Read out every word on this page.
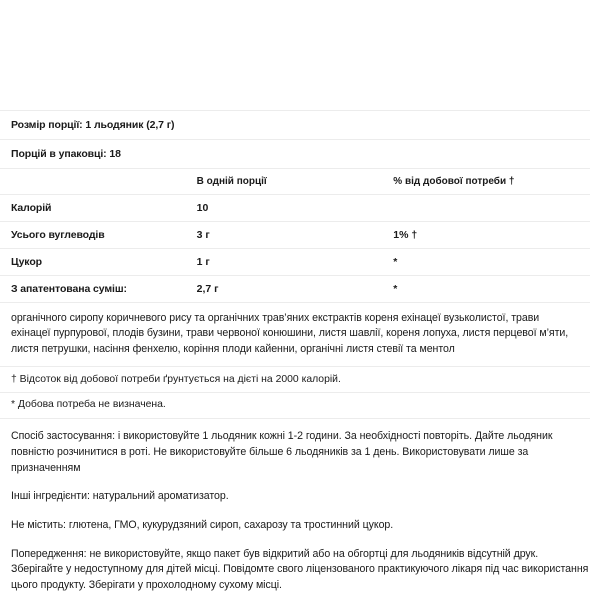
Розмір порції: 1 льодяник (2,7 г)		
Порцій в упаковці: 18		
	В одній порції	% від добової потреби †
Калорій	10	
Усього вуглеводів	3 г	1% †
Цукор	1 г	*
З апатентована суміш:	2,7 г	*
органічного сиропу коричневого рису та органічних трав’яних екстрактів кореня ехінацеї вузьколистої, трави ехінацеї пурпурової, плодів бузини, трави червоної конюшини, листя шавлії, кореня лопуха, листя перцевої м’яти, листя петрушки, насіння фенхелю, коріння плоди кайенни, органічні листя стевії та ментол		
† Відсоток від добової потреби ґрунтується на дієті на 2000 калорій.		
* Добова потреба не визначена.		
Спосіб застосування: і використовуйте 1 льодяник кожні 1-2 години. За необхідності повторіть. Дайте льодяник повністю розчинитися в роті. Не використовуйте більше 6 льодяників за 1 день. Використовувати лише за призначенням
Інші інгредієнти: натуральний ароматизатор.
Не містить: глютена, ГМО, кукурудзяний сироп, сахарозу та тростинний цукор.
Попередження: не використовуйте, якщо пакет був відкритий або на обгортці для льодяників відсутній друк. Зберігайте у недоступному для дітей місці. Повідомте свого ліцензованого практикуючого лікаря під час використання цього продукту. Зберігати у прохолодному сухому місці.
